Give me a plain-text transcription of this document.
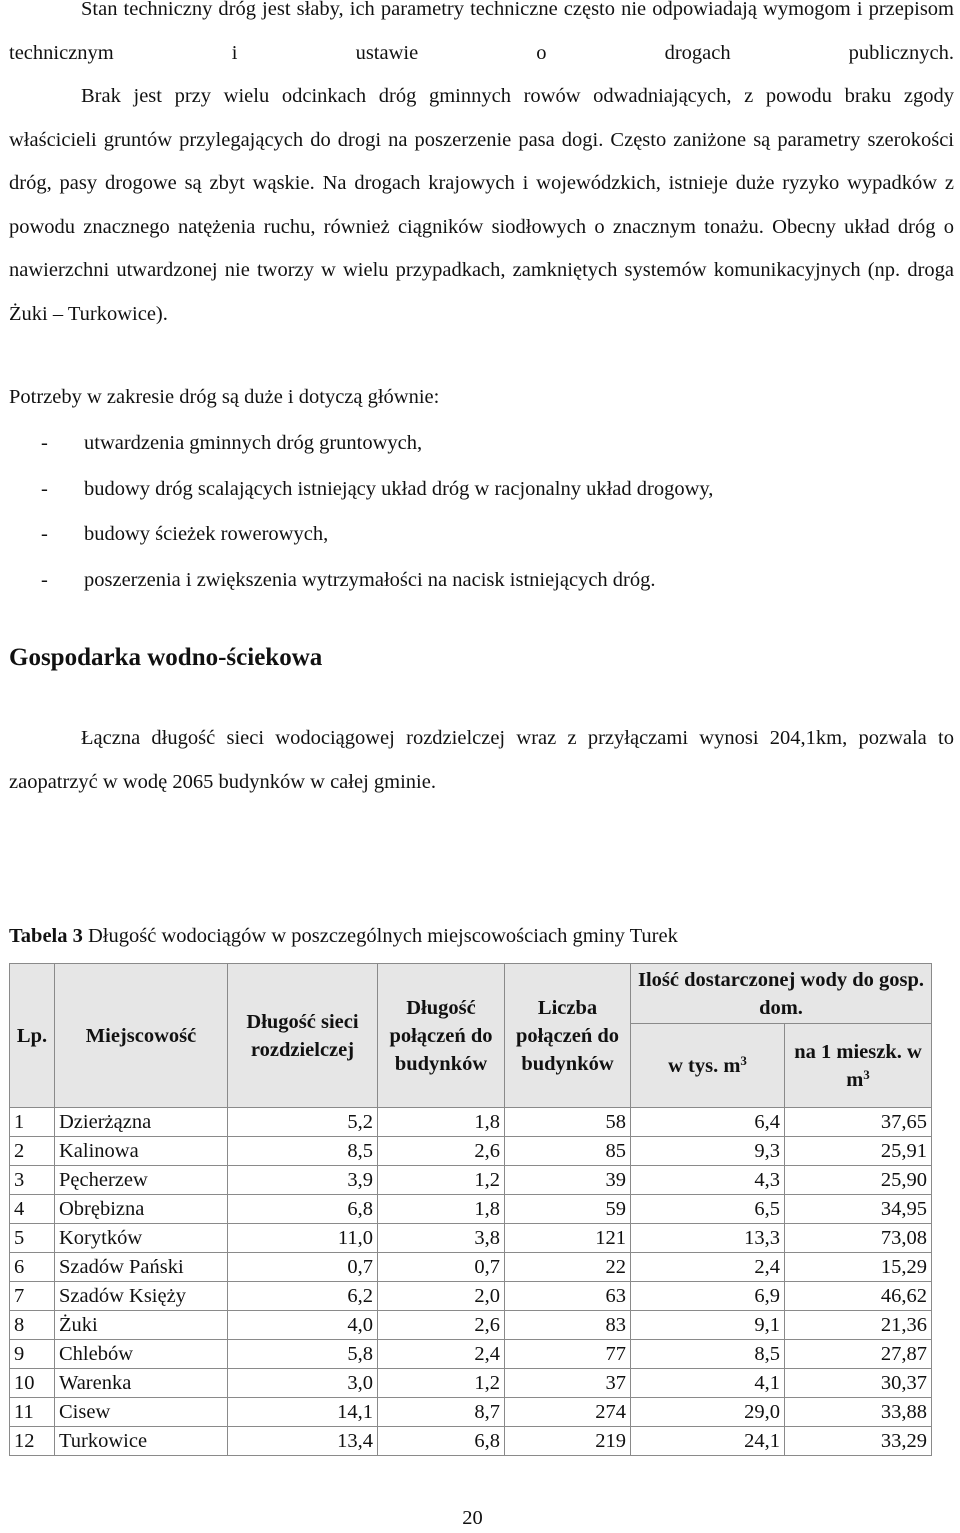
Stan techniczny dróg jest słaby, ich parametry techniczne często nie odpowiadają wymogom i przepisom technicznym i ustawie o drogach publicznych.

Brak jest przy wielu odcinkach dróg gminnych rowów odwadniających, z powodu braku zgody właścicieli gruntów przylegających do drogi na poszerzenie pasa dogi. Często zaniżone są parametry szerokości dróg, pasy drogowe są zbyt wąskie. Na drogach krajowych i wojewódzkich, istnieje duże ryzyko wypadków z powodu znacznego natężenia ruchu, również ciągników siodłowych o znacznym tonażu. Obecny układ dróg o nawierzchni utwardzonej nie tworzy w wielu przypadkach, zamkniętych systemów komunikacyjnych (np. droga Żuki – Turkowice).

Potrzeby w zakresie dróg są duże i dotyczą głównie:

-	utwardzenia gminnych dróg gruntowych,
-	budowy dróg scalających istniejący układ dróg w racjonalny układ drogowy,
-	budowy ścieżek rowerowych,
-	poszerzenia i zwiększenia wytrzymałości na nacisk istniejących dróg.
Gospodarka wodno-ściekowa

Łączna długość sieci wodociągowej rozdzielczej wraz z przyłączami wynosi 204,1km, pozwala to zaopatrzyć w wodę 2065 budynków w całej gminie.

Tabela 3 Długość wodociągów w poszczególnych miejscowościach gminy Turek

Lp.	Miejscowość	Długość sieci rozdzielczej	Długość połączeń do budynków	Liczba połączeń do budynków	Ilość dostarczonej wody do gosp. dom.	
					w tys. $m^3$	na 1 mieszk. w $m^3$
1	Dzierżązna	5,2	1,8	58	6,4	37,65
2	Kalinowa	8,5	2,6	85	9,3	25,91
3	Pęcherzew	3,9	1,2	39	4,3	25,90
4	Obrębizna	6,8	1,8	59	6,5	34,95
5	Korytków	11,0	3,8	121	13,3	73,08
6	Szadów Pański	0,7	0,7	22	2,4	15,29
7	Szadów Księży	6,2	2,0	63	6,9	46,62
8	Żuki	4,0	2,6	83	9,1	21,36
9	Chlebów	5,8	2,4	77	8,5	27,87
10	Warenka	3,0	1,2	37	4,1	30,37
11	Cisew	14,1	8,7	274	29,0	33,88
12	Turkowice	13,4	6,8	219	24,1	33,29
20
